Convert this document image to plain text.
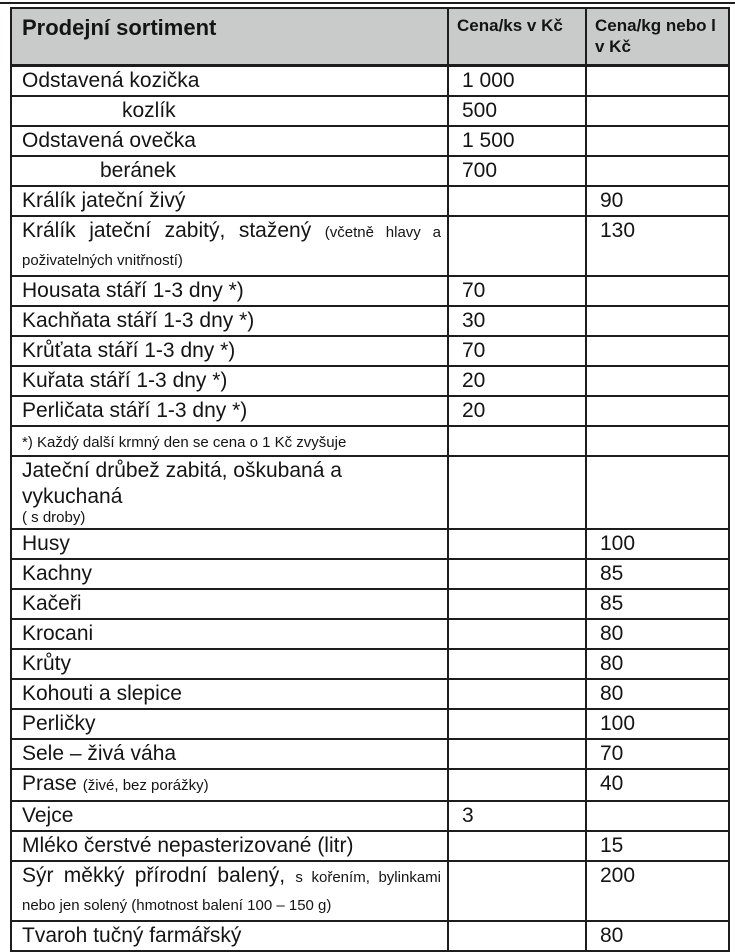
Prodejní sortiment	Cena/ks v Kč	Cena/kg nebo l
v Kč
Odstavená kozička	1 000	
kozlík	500	
Odstavená ovečka	1 500	
beránek	700	
Králík jateční živý		90
Králík jateční zabitý, stažený (včetně hlavy a poživatelných vnitřností)		130
Housata stáří 1-3 dny *)	70	
Kachňata stáří 1-3 dny *)	30	
Krůťata stáří 1-3 dny *)	70	
Kuřata stáří 1-3 dny *)	20	
Perličata stáří 1-3 dny *)	20	
*) Každý další krmný den se cena o 1 Kč zvyšuje		
Jateční drůbež zabitá, oškubaná a vykuchaná
( s droby)		

Husy		100
Kachny		85
Kačeři		85
Krocani		80
Krůty		80
Kohouti a slepice		80
Perličky		100
Sele – živá váha		70
Prase (živé, bez porážky)		40
Vejce	3	
Mléko čerstvé nepasterizované (litr)		15
Sýr měkký přírodní balený, s kořením, bylinkami nebo jen solený (hmotnost balení 100 – 150 g)		200
Tvaroh tučný farmářský		80
